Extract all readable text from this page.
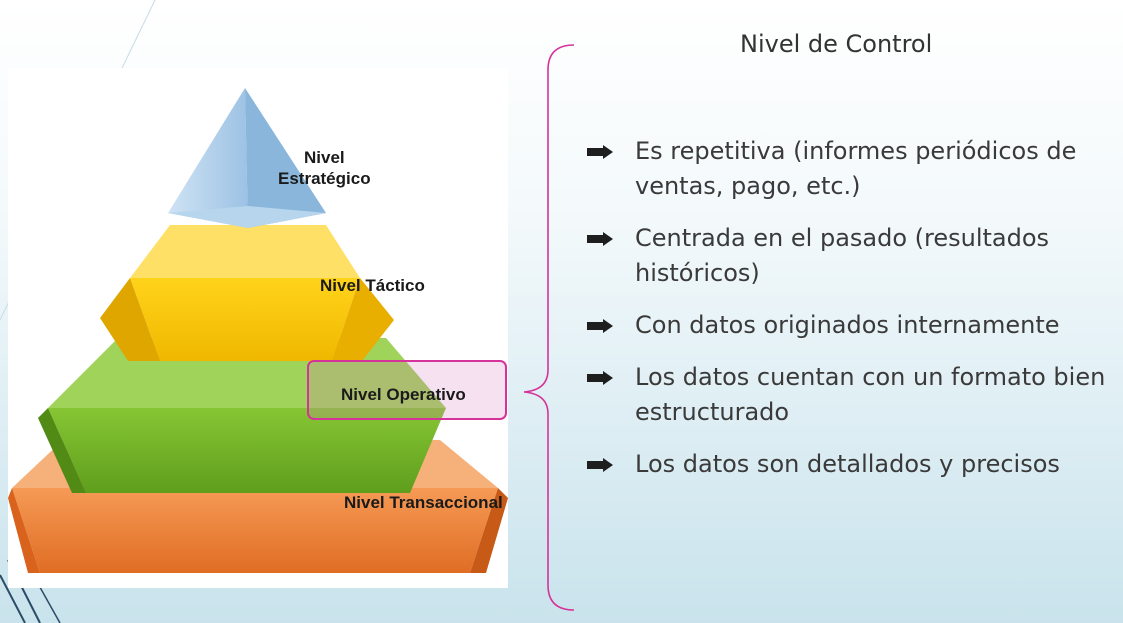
Nivel
Estratégico

Nivel Táctico

Nivel Operativo

Nivel Transaccional

Nivel de Control
Es repetitiva (informes periódicos de ventas, pago, etc.)
Centrada en el pasado (resultados históricos)
Con datos originados internamente
Los datos cuentan con un formato bien estructurado
Los datos son detallados y precisos
